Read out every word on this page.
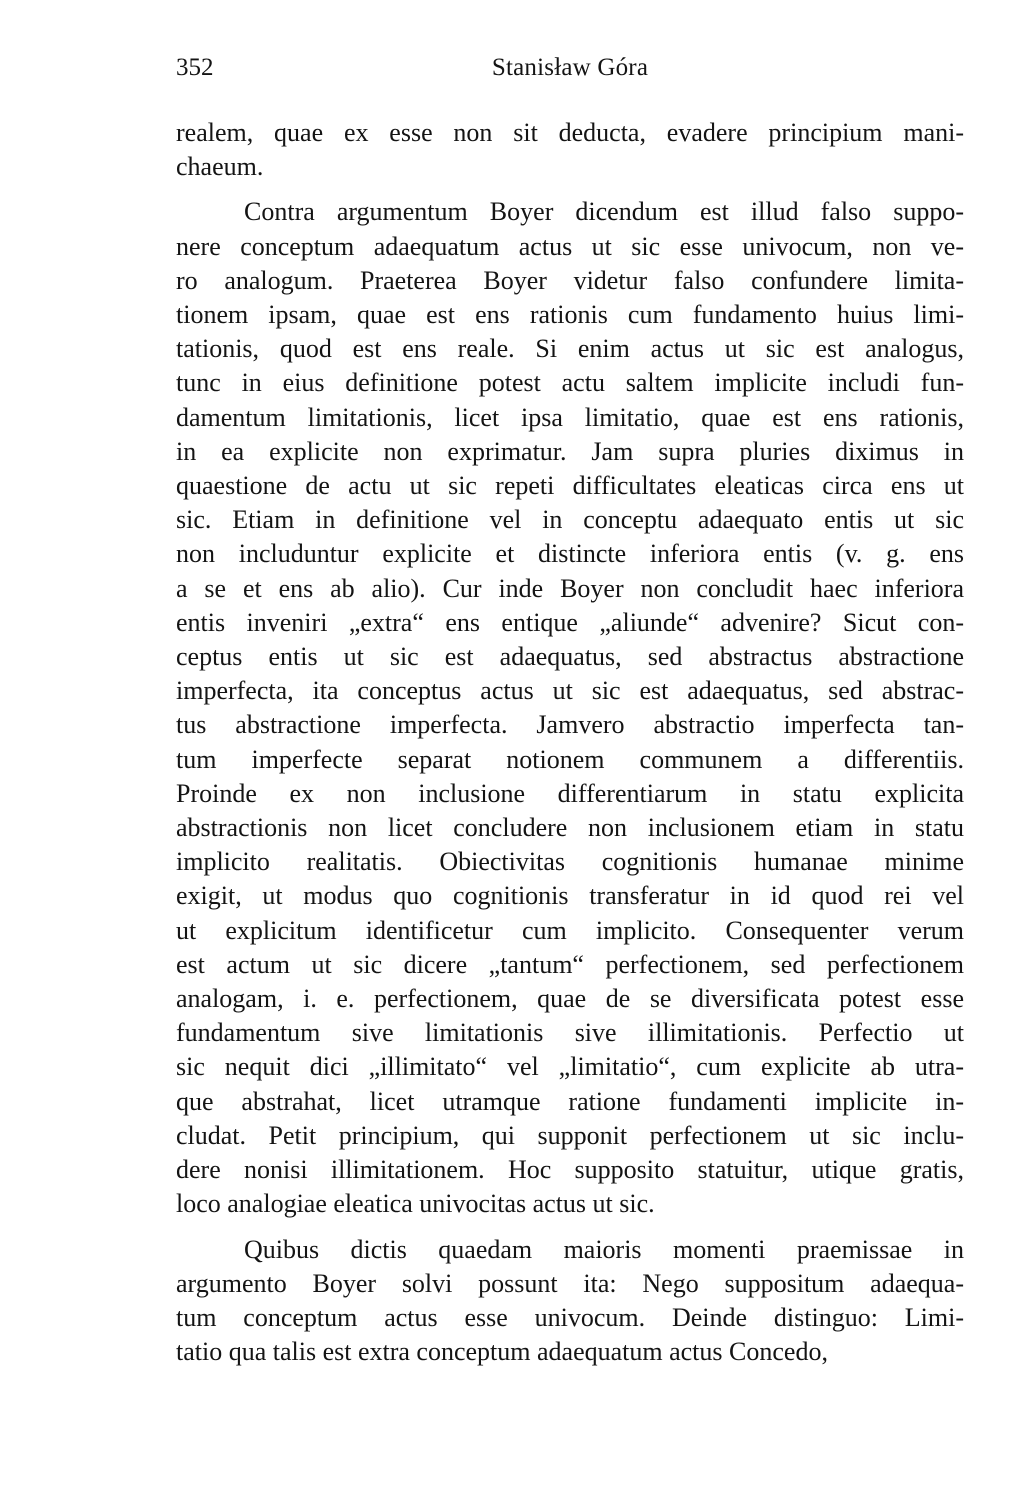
352	Stanisław Góra
realem, quae ex esse non sit deducta, evadere principium mani-
chaeum.
Contra argumentum Boyer dicendum est illud falso suppo-
nere conceptum adaequatum actus ut sic esse univocum, non ve-
ro analogum. Praeterea Boyer videtur falso confundere limita-
tionem ipsam, quae est ens rationis cum fundamento huius limi-
tationis, quod est ens reale. Si enim actus ut sic est analogus,
tunc in eius definitione potest actu saltem implicite includi fun-
damentum limitationis, licet ipsa limitatio, quae est ens rationis,
in ea explicite non exprimatur. Jam supra pluries diximus in
quaestione de actu ut sic repeti difficultates eleaticas circa ens ut
sic. Etiam in definitione vel in conceptu adaequato entis ut sic
non includuntur explicite et distincte inferiora entis (v. g. ens
a se et ens ab alio). Cur inde Boyer non concludit haec inferiora
entis inveniri „extra“ ens entique „aliunde“ advenire? Sicut con-
ceptus entis ut sic est adaequatus, sed abstractus abstractione
imperfecta, ita conceptus actus ut sic est adaequatus, sed abstrac-
tus abstractione imperfecta. Jamvero abstractio imperfecta tan-
tum imperfecte separat notionem communem a differentiis.
Proinde ex non inclusione differentiarum in statu explicita
abstractionis non licet concludere non inclusionem etiam in statu
implicito realitatis. Obiectivitas cognitionis humanae minime
exigit, ut modus quo cognitionis transferatur in id quod rei vel
ut explicitum identificetur cum implicito. Consequenter verum
est actum ut sic dicere „tantum“ perfectionem, sed perfectionem
analogam, i. e. perfectionem, quae de se diversificata potest esse
fundamentum sive limitationis sive illimitationis. Perfectio ut
sic nequit dici „illimitato“ vel „limitatio“, cum explicite ab utra-
que abstrahat, licet utramque ratione fundamenti implicite in-
cludat. Petit principium, qui supponit perfectionem ut sic inclu-
dere nonisi illimitationem. Hoc supposito statuitur, utique gratis,
loco analogiae eleatica univocitas actus ut sic.
Quibus dictis quaedam maioris momenti praemissae in
argumento Boyer solvi possunt ita: Nego suppositum adaequa-
tum conceptum actus esse univocum. Deinde distinguo: Limi-
tatio qua talis est extra conceptum adaequatum actus Concedo,
